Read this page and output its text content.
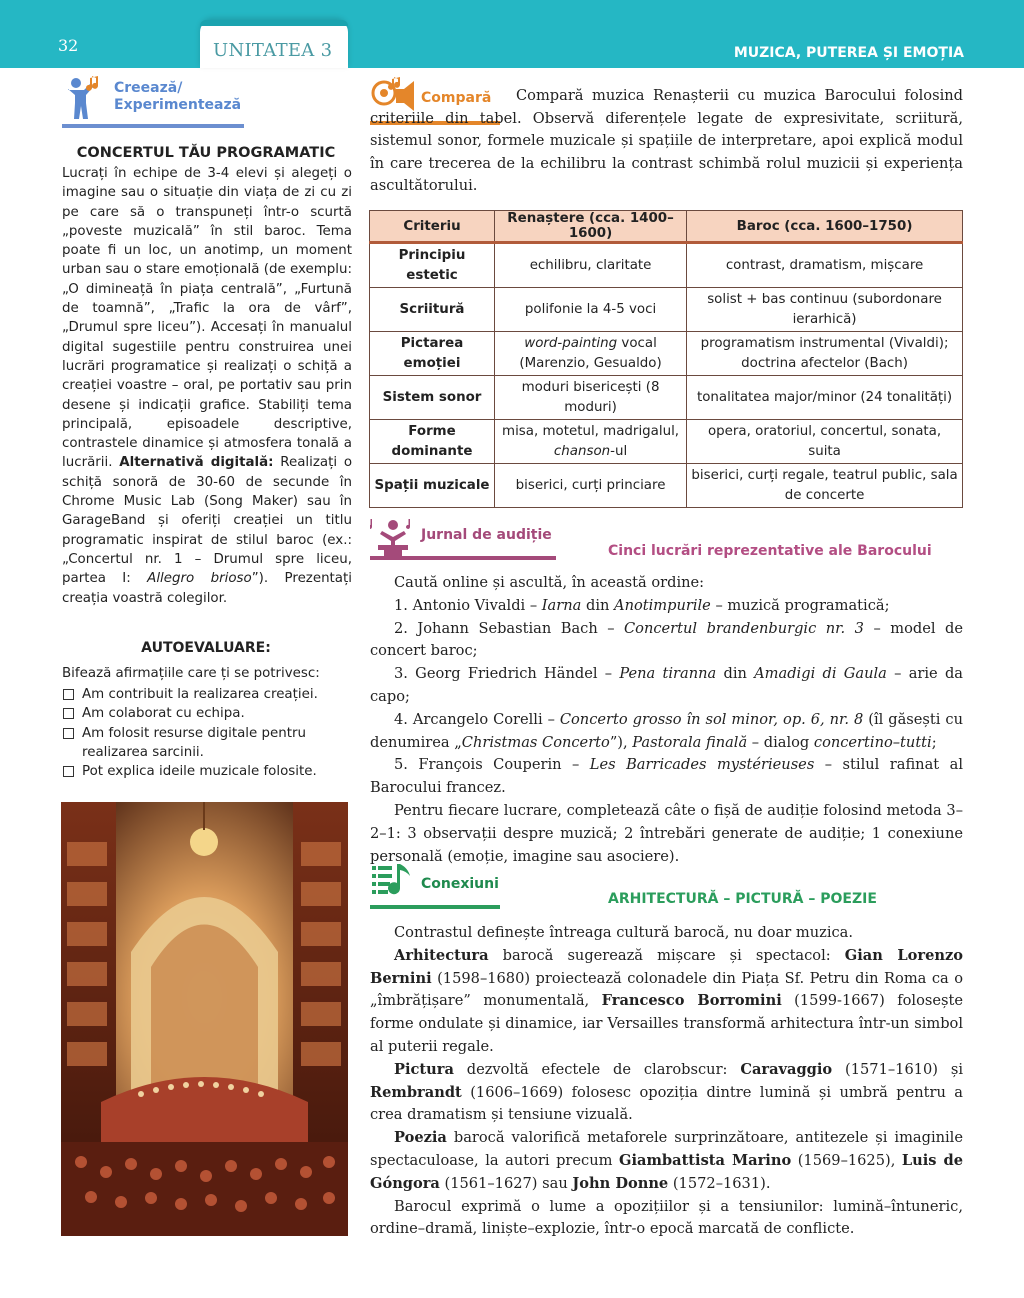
32	UNITATEA 3	MUZICA, PUTEREA ȘI EMOȚIA
Creează/
Experimentează
CONCERTUL TĂU PROGRAMATIC
Lucrați în echipe de 3-4 elevi și alegeți o imagine sau o situație din viața de zi cu zi pe care să o transpuneți într-o scurtă „poveste muzicală” în stil baroc. Tema poate fi un loc, un anotimp, un moment urban sau o stare emoțională (de exemplu: „O dimineață în piața centrală”, „Furtună de toamnă”, „Trafic la ora de vârf”, „Drumul spre liceu”). Accesați în manualul digital sugestiile pentru construirea unei lucrări programatice și realizați o schiță a creației voastre – oral, pe portativ sau prin desene și indicații grafice. Stabiliți tema principală, episoadele descriptive, contrastele dinamice și atmosfera tonală a lucrării. Alternativă digitală: Realizați o schiță sonoră de 30-60 de secunde în Chrome Music Lab (Song Maker) sau în GarageBand și oferiți creației un titlu programatic inspirat de stilul baroc (ex.: „Concertul nr. 1 – Drumul spre liceu, partea I: Allegro brioso”). Prezentați creația voastră colegilor.
AUTOEVALUARE:
Bifează afirmațiile care ți se potrivesc:
Am contribuit la realizarea creației.
Am colaborat cu echipa.
Am folosit resurse digitale pentru realizarea sarcinii.
Pot explica ideile muzicale folosite.
Compară	Compară muzica Renașterii cu muzica Barocului folosind criteriile din tabel. Observă diferențele legate de expresivitate, scriitură, sistemul sonor, formele muzicale și spațiile de interpretare, apoi explică modul în care trecerea de la echilibru la contrast schimbă rolul muzicii și experiența ascultătorului.
Criteriu	Renaștere (cca. 1400–1600)	Baroc (cca. 1600–1750)
Principiu estetic	echilibru, claritate	contrast, dramatism, mișcare
Scriitură	polifonie la 4-5 voci	solist + bas continuu (subordonare ierarhică)
Pictarea emoției	word-painting vocal (Marenzio, Gesualdo)	programatism instrumental (Vivaldi); doctrina afectelor (Bach)
Sistem sonor	moduri bisericești (8 moduri)	tonalitatea major/minor (24 tonalități)
Forme dominante	misa, motetul, madrigalul, chanson-ul	opera, oratoriul, concertul, sonata, suita
Spații muzicale	biserici, curți princiare	biserici, curți regale, teatrul public, sala de concerte
Jurnal de audiție
Cinci lucrări reprezentative ale Barocului

Caută online și ascultă, în această ordine:

1. Antonio Vivaldi – Iarna din Anotimpurile – muzică programatică;

2. Johann Sebastian Bach – Concertul brandenburgic nr. 3 – model de concert baroc;

3. Georg Friedrich Händel – Pena tiranna din Amadigi di Gaula – arie da capo;

4. Arcangelo Corelli – Concerto grosso în sol minor, op. 6, nr. 8 (îl găsești cu denumirea „Christmas Concerto”), Pastorala finală – dialog concertino–tutti;

5. François Couperin – Les Barricades mystérieuses – stilul rafinat al Barocului francez.

Pentru fiecare lucrare, completează câte o fișă de audiție folosind metoda 3–2–1: 3 observații despre muzică; 2 întrebări generate de audiție; 1 conexiune personală (emoție, imagine sau asociere).

Conexiuni
ARHITECTURĂ – PICTURĂ – POEZIE

Contrastul definește întreaga cultură barocă, nu doar muzica.

Arhitectura barocă sugerează mișcare și spectacol: Gian Lorenzo Bernini (1598–1680) proiectează colonadele din Piața Sf. Petru din Roma ca o „îmbrățișare” monumentală, Francesco Borromini (1599-1667) folosește forme ondulate și dinamice, iar Versailles transformă arhitectura într-un simbol al puterii regale.

Pictura dezvoltă efectele de clarobscur: Caravaggio (1571–1610) și Rembrandt (1606–1669) folosesc opoziția dintre lumină și umbră pentru a crea dramatism și tensiune vizuală.

Poezia barocă valorifică metaforele surprinzătoare, antitezele și imaginile spectaculoase, la autori precum Giambattista Marino (1569–1625), Luis de Góngora (1561–1627) sau John Donne (1572–1631).

Barocul exprimă o lume a opozițiilor și a tensiunilor: lumină–întuneric, ordine–dramă, liniște–explozie, într-o epocă marcată de conflicte.
